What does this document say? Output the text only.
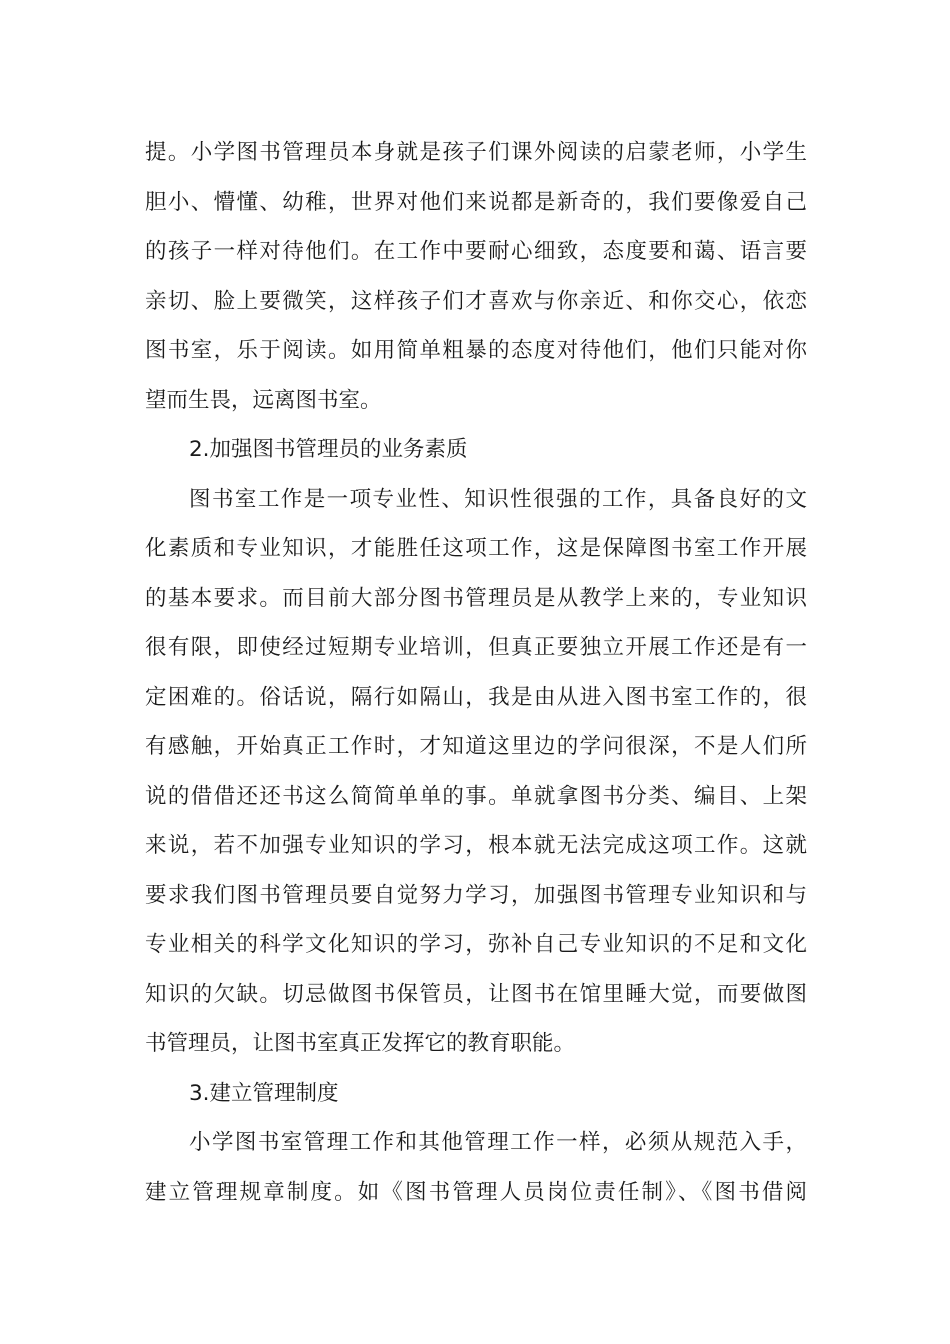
提。小学图书管理员本身就是孩子们课外阅读的启蒙老师，小学生
胆小、懵懂、幼稚，世界对他们来说都是新奇的，我们要像爱自己
的孩子一样对待他们。在工作中要耐心细致，态度要和蔼、语言要
亲切、脸上要微笑，这样孩子们才喜欢与你亲近、和你交心，依恋
图书室，乐于阅读。如用简单粗暴的态度对待他们，他们只能对你
望而生畏，远离图书室。
2.加强图书管理员的业务素质
图书室工作是一项专业性、知识性很强的工作，具备良好的文
化素质和专业知识，才能胜任这项工作，这是保障图书室工作开展
的基本要求。而目前大部分图书管理员是从教学上来的，专业知识
很有限，即使经过短期专业培训，但真正要独立开展工作还是有一
定困难的。俗话说，隔行如隔山，我是由从进入图书室工作的，很
有感触，开始真正工作时，才知道这里边的学问很深，不是人们所
说的借借还还书这么简简单单的事。单就拿图书分类、编目、上架
来说，若不加强专业知识的学习，根本就无法完成这项工作。这就
要求我们图书管理员要自觉努力学习，加强图书管理专业知识和与
专业相关的科学文化知识的学习，弥补自己专业知识的不足和文化
知识的欠缺。切忌做图书保管员，让图书在馆里睡大觉，而要做图
书管理员，让图书室真正发挥它的教育职能。
3.建立管理制度
小学图书室管理工作和其他管理工作一样，必须从规范入手，
建立管理规章制度。如《图书管理人员岗位责任制》、《图书借阅
